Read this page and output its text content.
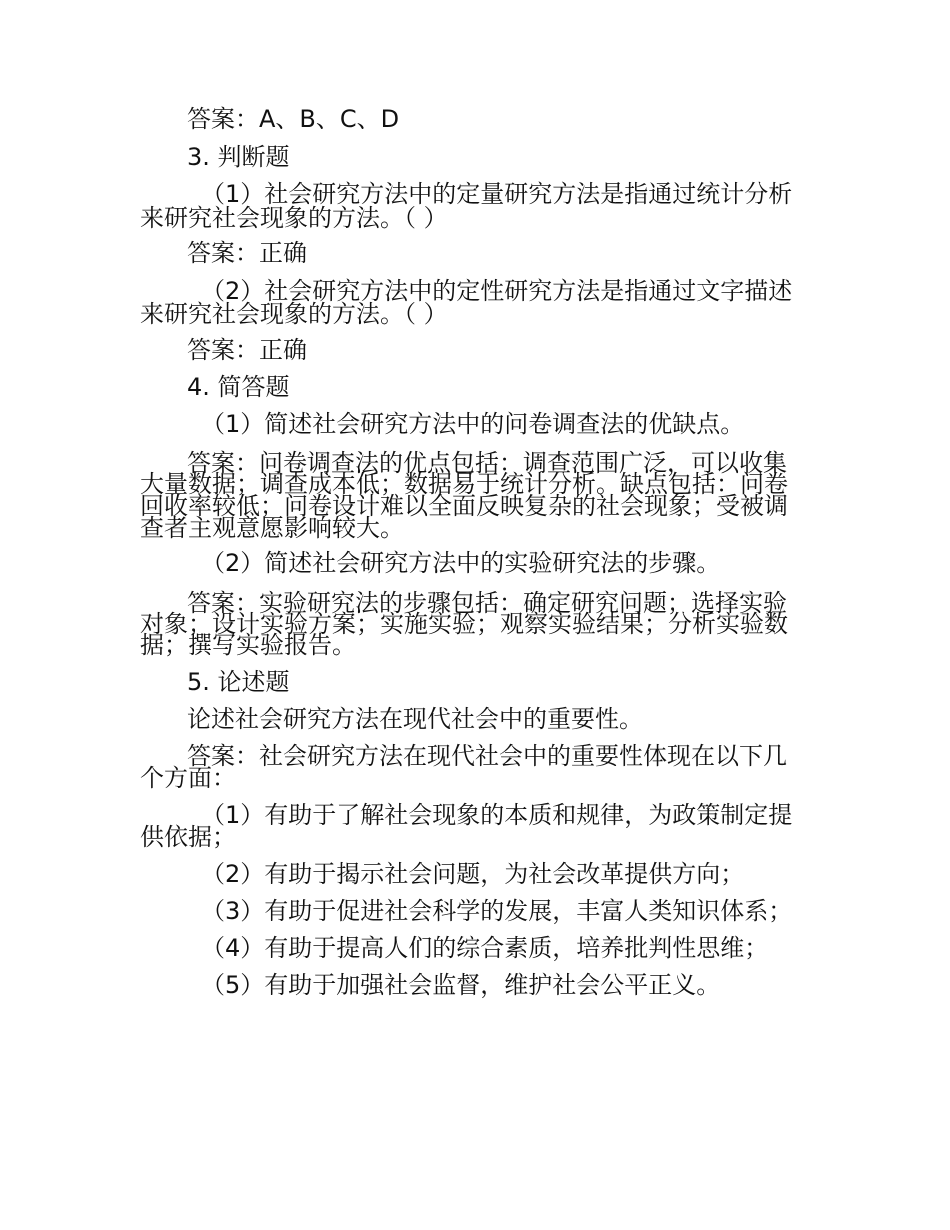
答案：A、B、C、D
3. 判断题
（1）社会研究方法中的定量研究方法是指通过统计分析
来研究社会现象的方法。（ ）
答案：正确
（2）社会研究方法中的定性研究方法是指通过文字描述
来研究社会现象的方法。（ ）
答案：正确
4. 简答题
（1）简述社会研究方法中的问卷调查法的优缺点。
答案：问卷调查法的优点包括：调查范围广泛，可以收集
大量数据；调查成本低；数据易于统计分析。缺点包括：问卷
回收率较低；问卷设计难以全面反映复杂的社会现象；受被调
查者主观意愿影响较大。
（2）简述社会研究方法中的实验研究法的步骤。
答案：实验研究法的步骤包括：确定研究问题；选择实验
对象；设计实验方案；实施实验；观察实验结果；分析实验数
据；撰写实验报告。
5. 论述题
论述社会研究方法在现代社会中的重要性。
答案：社会研究方法在现代社会中的重要性体现在以下几
个方面：
（1）有助于了解社会现象的本质和规律，为政策制定提
供依据；
（2）有助于揭示社会问题，为社会改革提供方向；
（3）有助于促进社会科学的发展，丰富人类知识体系；
（4）有助于提高人们的综合素质，培养批判性思维；
（5）有助于加强社会监督，维护社会公平正义。
